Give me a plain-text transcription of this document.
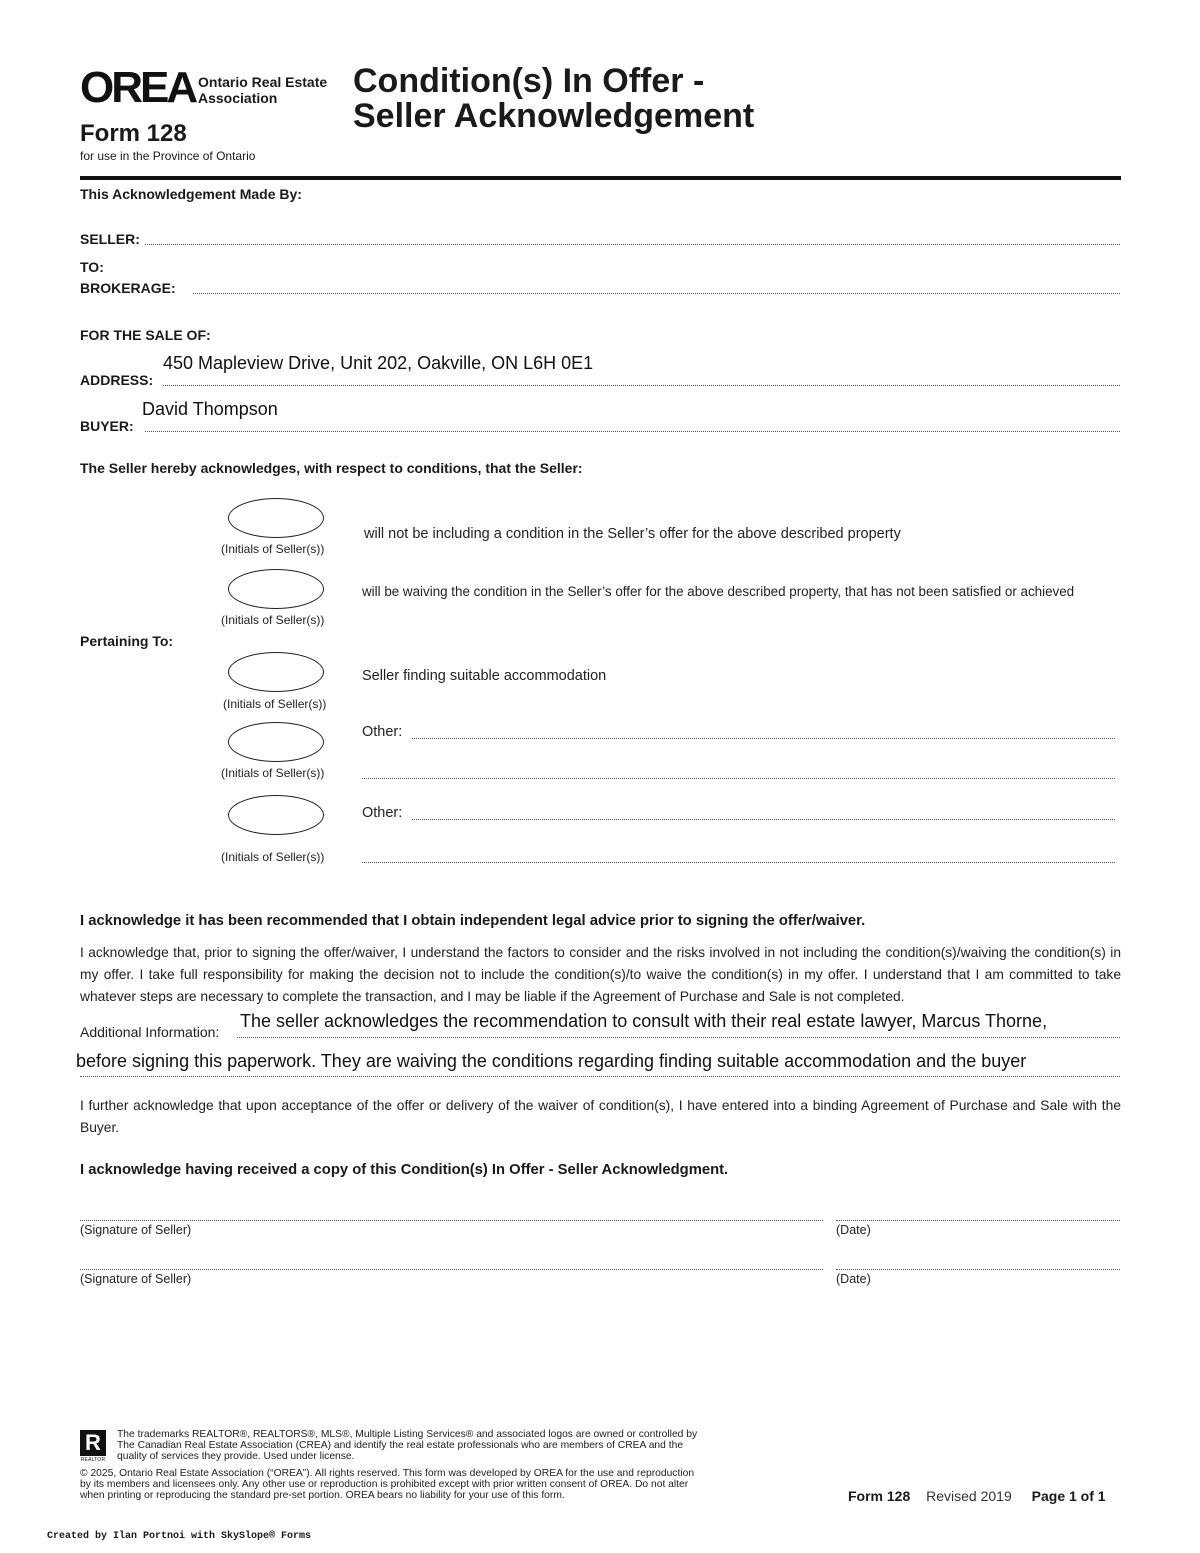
OREA Ontario Real Estate
Association
Form 128
for use in the Province of Ontario
Condition(s) In Offer -
Seller Acknowledgement
This Acknowledgement Made By:
SELLER:
TO:
BROKERAGE:
FOR THE SALE OF:
ADDRESS:
450 Mapleview Drive, Unit 202, Oakville, ON L6H 0E1
BUYER:
David Thompson
The Seller hereby acknowledges, with respect to conditions, that the Seller:
(Initials of Seller(s))
will not be including a condition in the Seller’s offer for the above described property
(Initials of Seller(s))
will be waiving the condition in the Seller’s offer for the above described property, that has not been satisfied or achieved
Pertaining To:
(Initials of Seller(s))
Seller finding suitable accommodation
(Initials of Seller(s))
Other:
(Initials of Seller(s))
Other:
I acknowledge it has been recommended that I obtain independent legal advice prior to signing the offer/waiver.
I acknowledge that, prior to signing the offer/waiver, I understand the factors to consider and the risks involved in not including the condition(s)/waiving the condition(s) in my offer. I take full responsibility for making the decision not to include the condition(s)/to waive the condition(s) in my offer. I understand that I am committed to take whatever steps are necessary to complete the transaction, and I may be liable if the Agreement of Purchase and Sale is not completed.
Additional Information:
The seller acknowledges the recommendation to consult with their real estate lawyer, Marcus Thorne,
before signing this paperwork. They are waiving the conditions regarding finding suitable accommodation and the buyer
I further acknowledge that upon acceptance of the offer or delivery of the waiver of condition(s), I have entered into a binding Agreement of Purchase and Sale with the Buyer.
I acknowledge having received a copy of this Condition(s) In Offer - Seller Acknowledgment.
(Signature of Seller)	(Date)
(Signature of Seller)	(Date)
R
REALTOR
The trademarks REALTOR®, REALTORS®, MLS®, Multiple Listing Services® and associated logos are owned or controlled by
The Canadian Real Estate Association (CREA) and identify the real estate professionals who are members of CREA and the
quality of services they provide. Used under license.
© 2025, Ontario Real Estate Association (“OREA”). All rights reserved. This form was developed by OREA for the use and reproduction
by its members and licensees only. Any other use or reproduction is prohibited except with prior written consent of OREA. Do not alter
when printing or reproducing the standard pre-set portion. OREA bears no liability for your use of this form.	Form 128 Revised 2019 Page 1 of 1
Created by Ilan Portnoi with SkySlope® Forms
